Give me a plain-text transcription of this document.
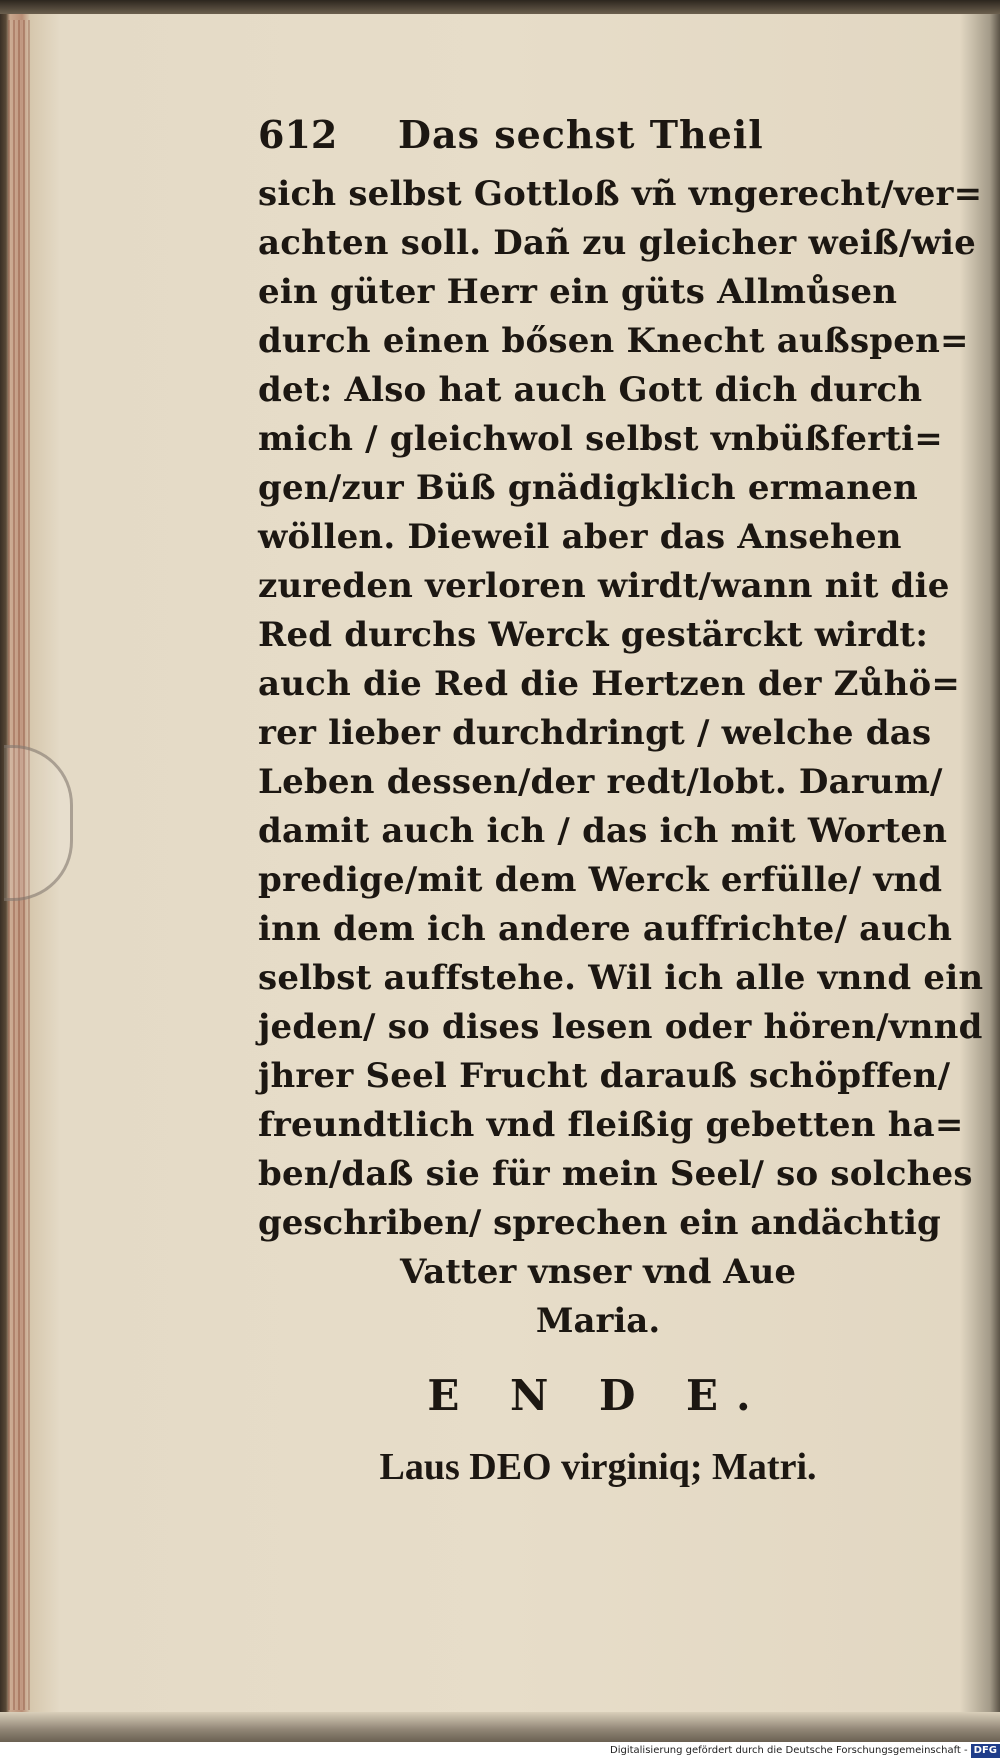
612	Das sechst Theil
sich selbst Gottloß vñ vngerecht/ver=
achten soll. Dañ zu gleicher weiß/wie
ein güter Herr ein güts Allmůsen
durch einen bősen Knecht außspen=
det: Also hat auch Gott dich durch
mich / gleichwol selbst vnbüßferti=
gen/zur Büß gnädigklich ermanen
wöllen. Dieweil aber das Ansehen
zureden verloren wirdt/wann nit die
Red durchs Werck gestärckt wirdt:
auch die Red die Hertzen der Zůhö=
rer lieber durchdringt / welche das
Leben dessen/der redt/lobt. Darum/
damit auch ich / das ich mit Worten
predige/mit dem Werck erfülle/ vnd
inn dem ich andere auffrichte/ auch
selbst auffstehe. Wil ich alle vnnd ein
jeden/ so dises lesen oder hören/vnnd
jhrer Seel Frucht darauß schöpffen/
freundtlich vnd fleißig gebetten ha=
ben/daß sie für mein Seel/ so solches
geschriben/ sprechen ein andächtig
Vatter vnser vnd Aue
Maria.
E N D E.
Laus DEO virginiq; Matri.
Digitalisierung gefördert durch die Deutsche Forschungsgemeinschaft - DFG
